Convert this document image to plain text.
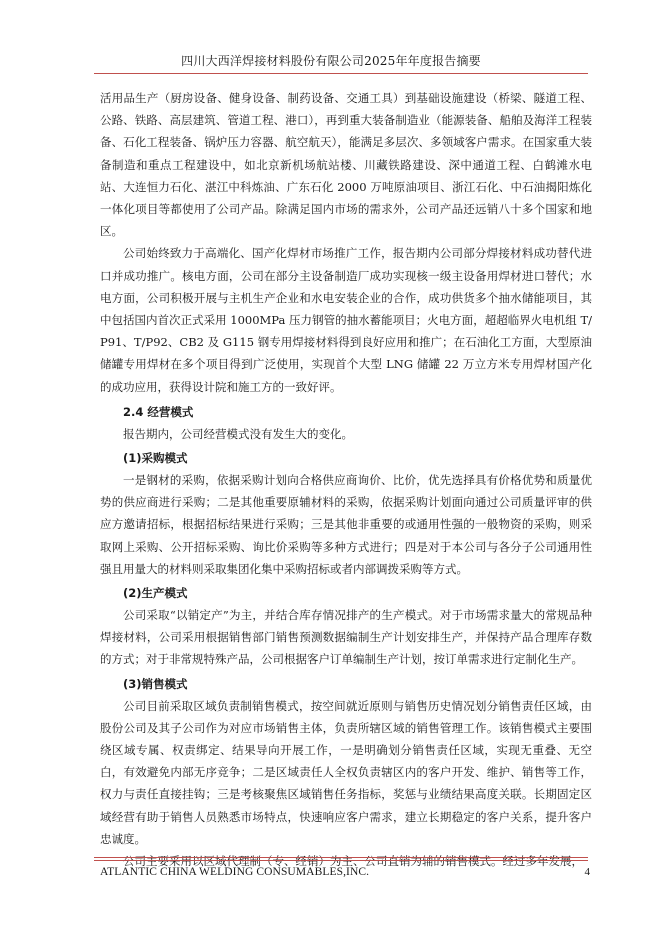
四川大西洋焊接材料股份有限公司2025年年度报告摘要

活用品生产（厨房设备、健身设备、制药设备、交通工具）到基础设施建设（桥梁、隧道工程、公路、铁路、高层建筑、管道工程、港口），再到重大装备制造业（能源装备、船舶及海洋工程装备、石化工程装备、锅炉压力容器、航空航天），能满足多层次、多领域客户需求。在国家重大装备制造和重点工程建设中，如北京新机场航站楼、川藏铁路建设、深中通道工程、白鹤滩水电站、大连恒力石化、湛江中科炼油、广东石化 2000 万吨原油项目、浙江石化、中石油揭阳炼化一体化项目等都使用了公司产品。除满足国内市场的需求外，公司产品还远销八十多个国家和地区。

公司始终致力于高端化、国产化焊材市场推广工作，报告期内公司部分焊接材料成功替代进口并成功推广。核电方面，公司在部分主设备制造厂成功实现核一级主设备用焊材进口替代；水电方面，公司积极开展与主机生产企业和水电安装企业的合作，成功供货多个抽水储能项目，其中包括国内首次正式采用 1000MPa 压力钢管的抽水蓄能项目；火电方面，超超临界火电机组 T/P91、T/P92、CB2 及 G115 钢专用焊接材料得到良好应用和推广；在石油化工方面，大型原油储罐专用焊材在多个项目得到广泛使用，实现首个大型 LNG 储罐 22 万立方米专用焊材国产化的成功应用，获得设计院和施工方的一致好评。

2.4 经营模式

报告期内，公司经营模式没有发生大的变化。

(1)采购模式

一是钢材的采购，依据采购计划向合格供应商询价、比价，优先选择具有价格优势和质量优势的供应商进行采购；二是其他重要原辅材料的采购，依据采购计划面向通过公司质量评审的供应方邀请招标，根据招标结果进行采购；三是其他非重要的或通用性强的一般物资的采购，则采取网上采购、公开招标采购、询比价采购等多种方式进行；四是对于本公司与各分子公司通用性强且用量大的材料则采取集团化集中采购招标或者内部调拨采购等方式。

(2)生产模式

公司采取“以销定产”为主，并结合库存情况排产的生产模式。对于市场需求量大的常规品种焊接材料，公司采用根据销售部门销售预测数据编制生产计划安排生产，并保持产品合理库存数的方式；对于非常规特殊产品，公司根据客户订单编制生产计划，按订单需求进行定制化生产。

(3)销售模式

公司目前采取区域负责制销售模式，按空间就近原则与销售历史情况划分销售责任区域，由股份公司及其子公司作为对应市场销售主体，负责所辖区域的销售管理工作。该销售模式主要围绕区域专属、权责绑定、结果导向开展工作，一是明确划分销售责任区域，实现无重叠、无空白，有效避免内部无序竞争；二是区域责任人全权负责辖区内的客户开发、维护、销售等工作，权力与责任直接挂钩；三是考核聚焦区域销售任务指标，奖惩与业绩结果高度关联。长期固定区域经营有助于销售人员熟悉市场特点，快速响应客户需求，建立长期稳定的客户关系，提升客户忠诚度。

公司主要采用以区域代理制（专、经销）为主、公司直销为辅的销售模式。经过多年发展，

ATLANTIC CHINA WELDING CONSUMABLES,INC.	4
